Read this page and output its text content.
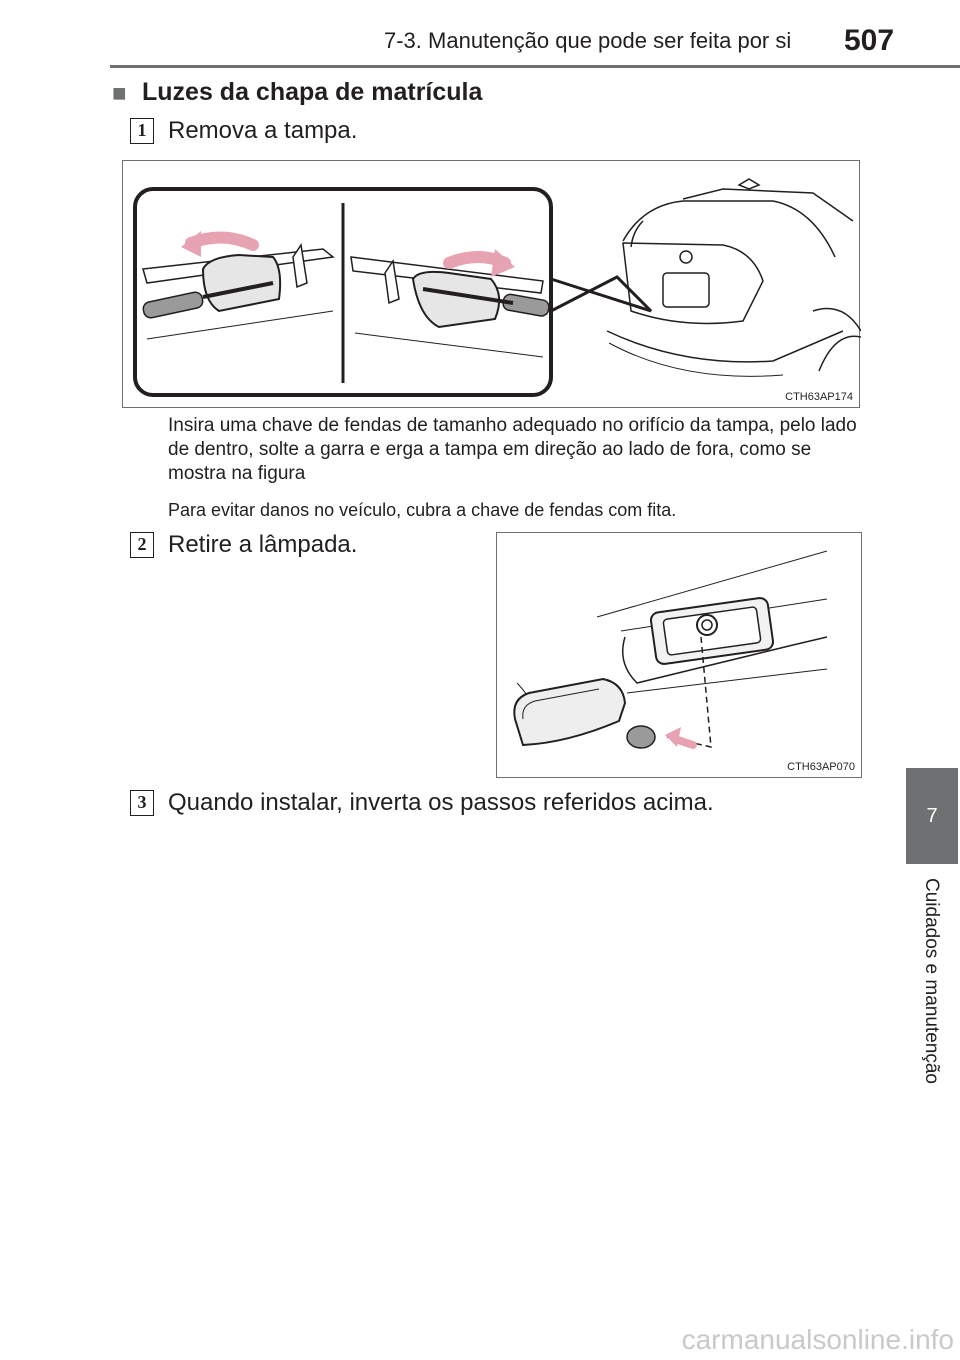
7-3. Manutenção que pode ser feita por si 507
■ Luzes da chapa de matrícula
1 Remova a tampa.
CTH63AP174
Insira uma chave de fendas de tamanho adequado no orifício da tampa, pelo lado de dentro, solte a garra e erga a tampa em direção ao lado de fora, como se mostra na figura
Para evitar danos no veículo, cubra a chave de fendas com fita.
2 Retire a lâmpada.
CTH63AP070
3 Quando instalar, inverta os passos referidos acima.	7
Cuidados e manutenção
carmanualsonline.info
